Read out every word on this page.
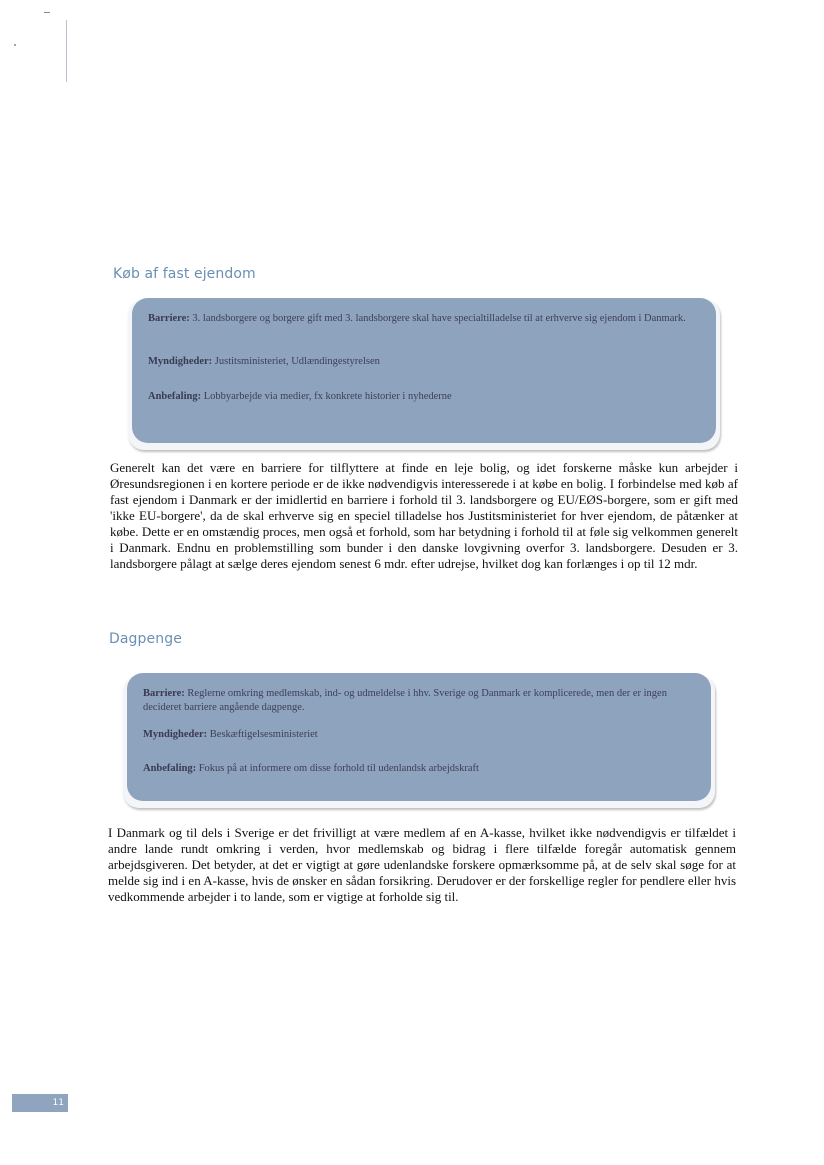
Køb af fast ejendom
Barriere: 3. landsborgere og borgere gift med 3. landsborgere skal have specialtilladelse til at erhverve sig ejendom i Danmark.
Myndigheder: Justitsministeriet, Udlændingestyrelsen
Anbefaling: Lobbyarbejde via medier, fx konkrete historier i nyhederne
Generelt kan det være en barriere for tilflyttere at finde en leje bolig, og idet forskerne måske kun arbejder i Øresundsregionen i en kortere periode er de ikke nødvendigvis interesserede i at købe en bolig. I forbindelse med køb af fast ejendom i Danmark er der imidlertid en barriere i forhold til 3. landsborgere og EU/EØS-borgere, som er gift med 'ikke EU-borgere', da de skal erhverve sig en speciel tilladelse hos Justitsministeriet for hver ejendom, de påtænker at købe. Dette er en omstændig proces, men også et forhold, som har betydning i forhold til at føle sig velkommen generelt i Danmark. Endnu en problemstilling som bunder i den danske lovgivning overfor 3. landsborgere. Desuden er 3. landsborgere pålagt at sælge deres ejendom senest 6 mdr. efter udrejse, hvilket dog kan forlænges i op til 12 mdr.
Dagpenge
Barriere: Reglerne omkring medlemskab, ind- og udmeldelse i hhv. Sverige og Danmark er komplicerede, men der er ingen decideret barriere angående dagpenge.
Myndigheder: Beskæftigelsesministeriet
Anbefaling: Fokus på at informere om disse forhold til udenlandsk arbejdskraft
I Danmark og til dels i Sverige er det frivilligt at være medlem af en A-kasse, hvilket ikke nødvendigvis er tilfældet i andre lande rundt omkring i verden, hvor medlemskab og bidrag i flere tilfælde foregår automatisk gennem arbejdsgiveren. Det betyder, at det er vigtigt at gøre udenlandske forskere opmærksomme på, at de selv skal søge for at melde sig ind i en A-kasse, hvis de ønsker en sådan forsikring. Derudover er der forskellige regler for pendlere eller hvis vedkommende arbejder i to lande, som er vigtige at forholde sig til.
11
